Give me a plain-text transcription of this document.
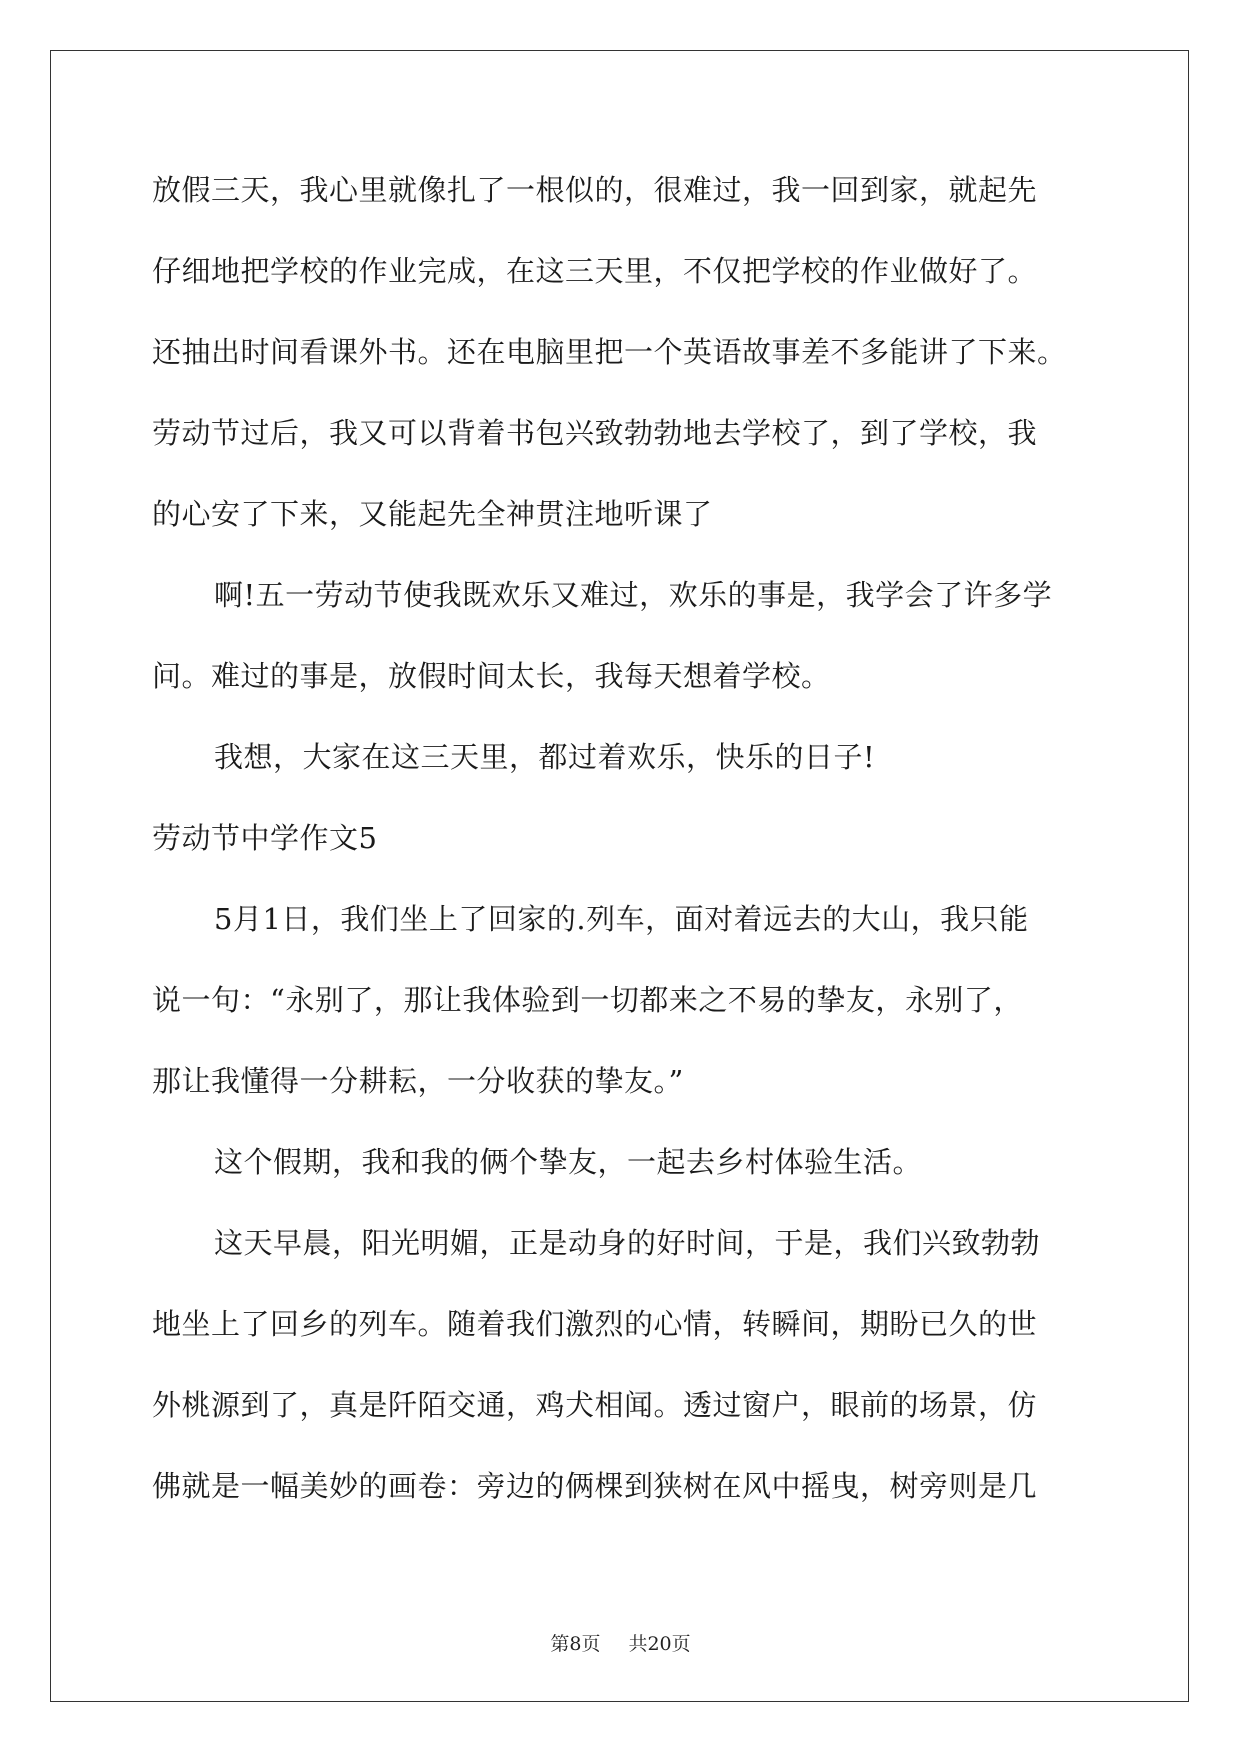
放假三天，我心里就像扎了一根似的，很难过，我一回到家，就起先
仔细地把学校的作业完成，在这三天里，不仅把学校的作业做好了。
还抽出时间看课外书。还在电脑里把一个英语故事差不多能讲了下来。
劳动节过后，我又可以背着书包兴致勃勃地去学校了，到了学校，我
的心安了下来，又能起先全神贯注地听课了
啊!五一劳动节使我既欢乐又难过，欢乐的事是，我学会了许多学
问。难过的事是，放假时间太长，我每天想着学校。
我想，大家在这三天里，都过着欢乐，快乐的日子!
劳动节中学作文5
5月1日，我们坐上了回家的.列车，面对着远去的大山，我只能
说一句：“永别了，那让我体验到一切都来之不易的挚友，永别了，
那让我懂得一分耕耘，一分收获的挚友。”
这个假期，我和我的俩个挚友，一起去乡村体验生活。
这天早晨，阳光明媚，正是动身的好时间，于是，我们兴致勃勃
地坐上了回乡的列车。随着我们激烈的心情，转瞬间，期盼已久的世
外桃源到了，真是阡陌交通，鸡犬相闻。透过窗户，眼前的场景，仿
佛就是一幅美妙的画卷：旁边的俩棵到狭树在风中摇曳，树旁则是几
第8页 共20页
